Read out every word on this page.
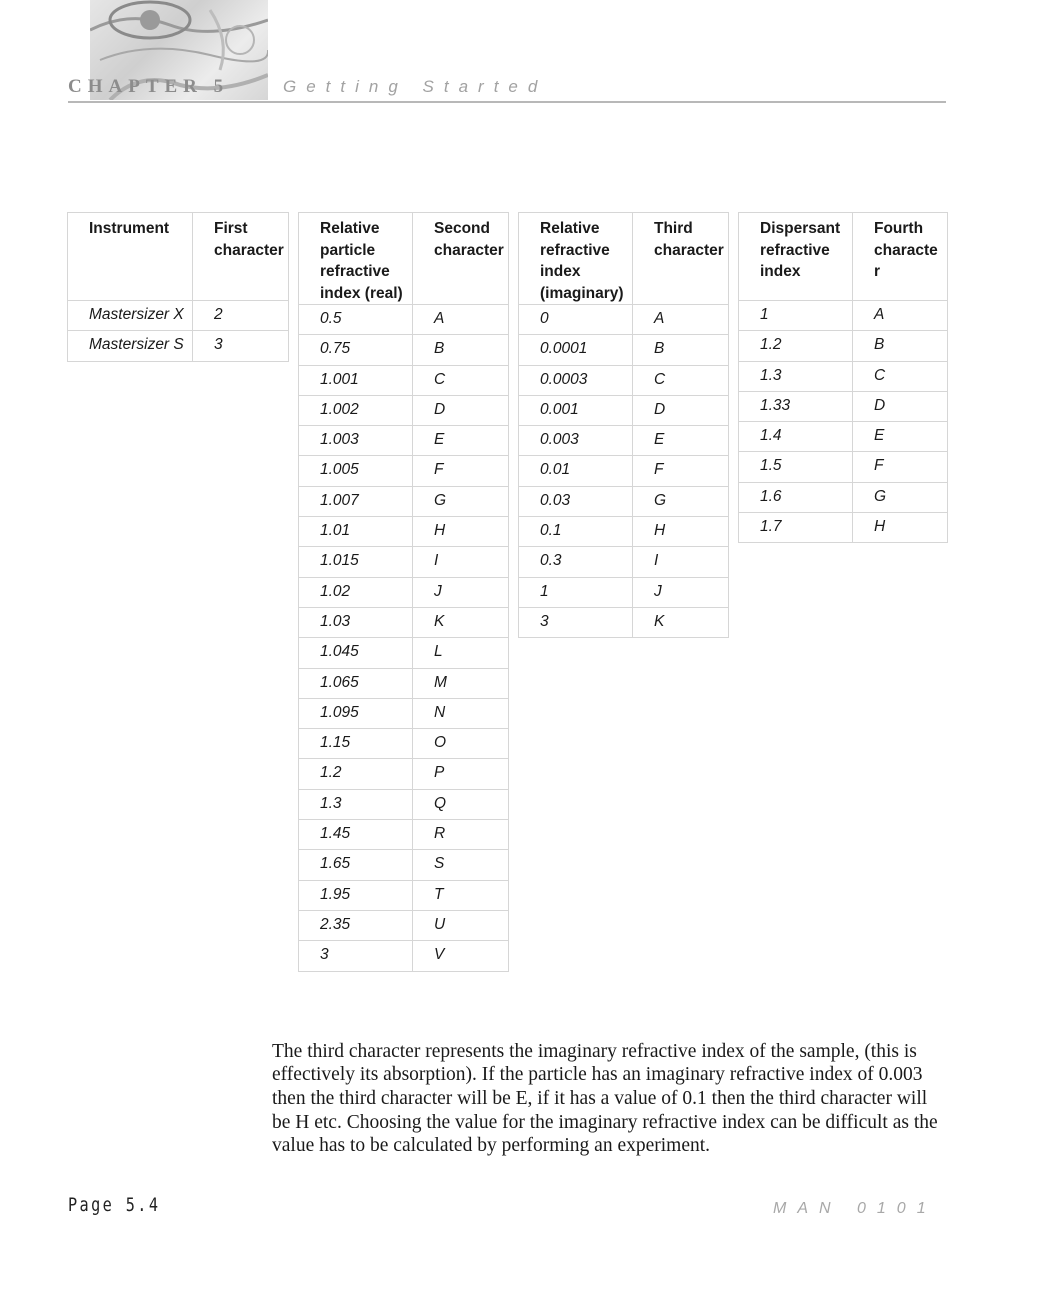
CHAPTER 5	Getting Started
Instrument	First character
Mastersizer X	2
Mastersizer S	3
Relative particle refractive index (real)	Second character
0.5	A
0.75	B
1.001	C
1.002	D
1.003	E
1.005	F
1.007	G
1.01	H
1.015	I
1.02	J
1.03	K
1.045	L
1.065	M
1.095	N
1.15	O
1.2	P
1.3	Q
1.45	R
1.65	S
1.95	T
2.35	U
3	V
Relative refractive index (imaginary)	Third character
0	A
0.0001	B
0.0003	C
0.001	D
0.003	E
0.01	F
0.03	G
0.1	H
0.3	I
1	J
3	K
Dispersant refractive index	Fourth characte r
1	A
1.2	B
1.3	C
1.33	D
1.4	E
1.5	F
1.6	G
1.7	H

The third character represents the imaginary refractive index of the sample, (this is effectively its absorption). If the particle has an imaginary refractive index of 0.003 then the third character will be E, if it has a value of 0.1 then the third character will be H etc. Choosing the value for the imaginary refractive index can be difficult as the value has to be calculated by performing an experiment.

Page 5.4	MAN 0101
